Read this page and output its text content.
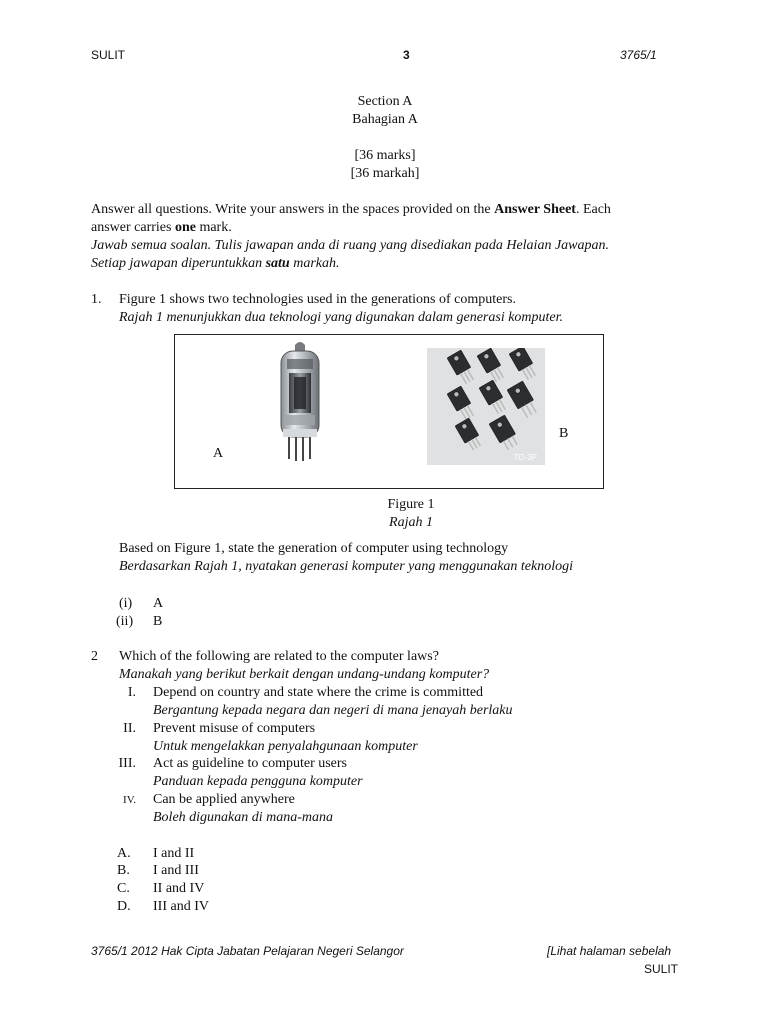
SULIT	3	3765/1
Section A
Bahagian A
[36 marks]
[36 markah]
Answer all questions. Write your answers in the spaces provided on the Answer Sheet. Each
answer carries one mark.
Jawab semua soalan. Tulis jawapan anda di ruang yang disediakan pada Helaian Jawapan.
Setiap jawapan diperuntukkan satu markah.
1. Figure 1 shows two technologies used in the generations of computers.
Rajah 1 menunjukkan dua teknologi yang digunakan dalam generasi komputer.
TO-3P
A
B
Figure 1
Rajah 1
Based on Figure 1, state the generation of computer using technology
Berdasarkan Rajah 1, nyatakan generasi komputer yang menggunakan teknologi
(i) A
(ii) B
2 Which of the following are related to the computer laws?
Manakah yang berikut berkait dengan undang-undang komputer?
I. Depend on country and state where the crime is committed
Bergantung kepada negara dan negeri di mana jenayah berlaku
II. Prevent misuse of computers
Untuk mengelakkan penyalahgunaan komputer
III. Act as guideline to computer users
Panduan kepada pengguna komputer
IV. Can be applied anywhere
Boleh digunakan di mana-mana
A. I and II
B. I and III
C. II and IV
D. III and IV
3765/1 2012 Hak Cipta Jabatan Pelajaran Negeri Selangor	[Lihat halaman sebelah
SULIT
